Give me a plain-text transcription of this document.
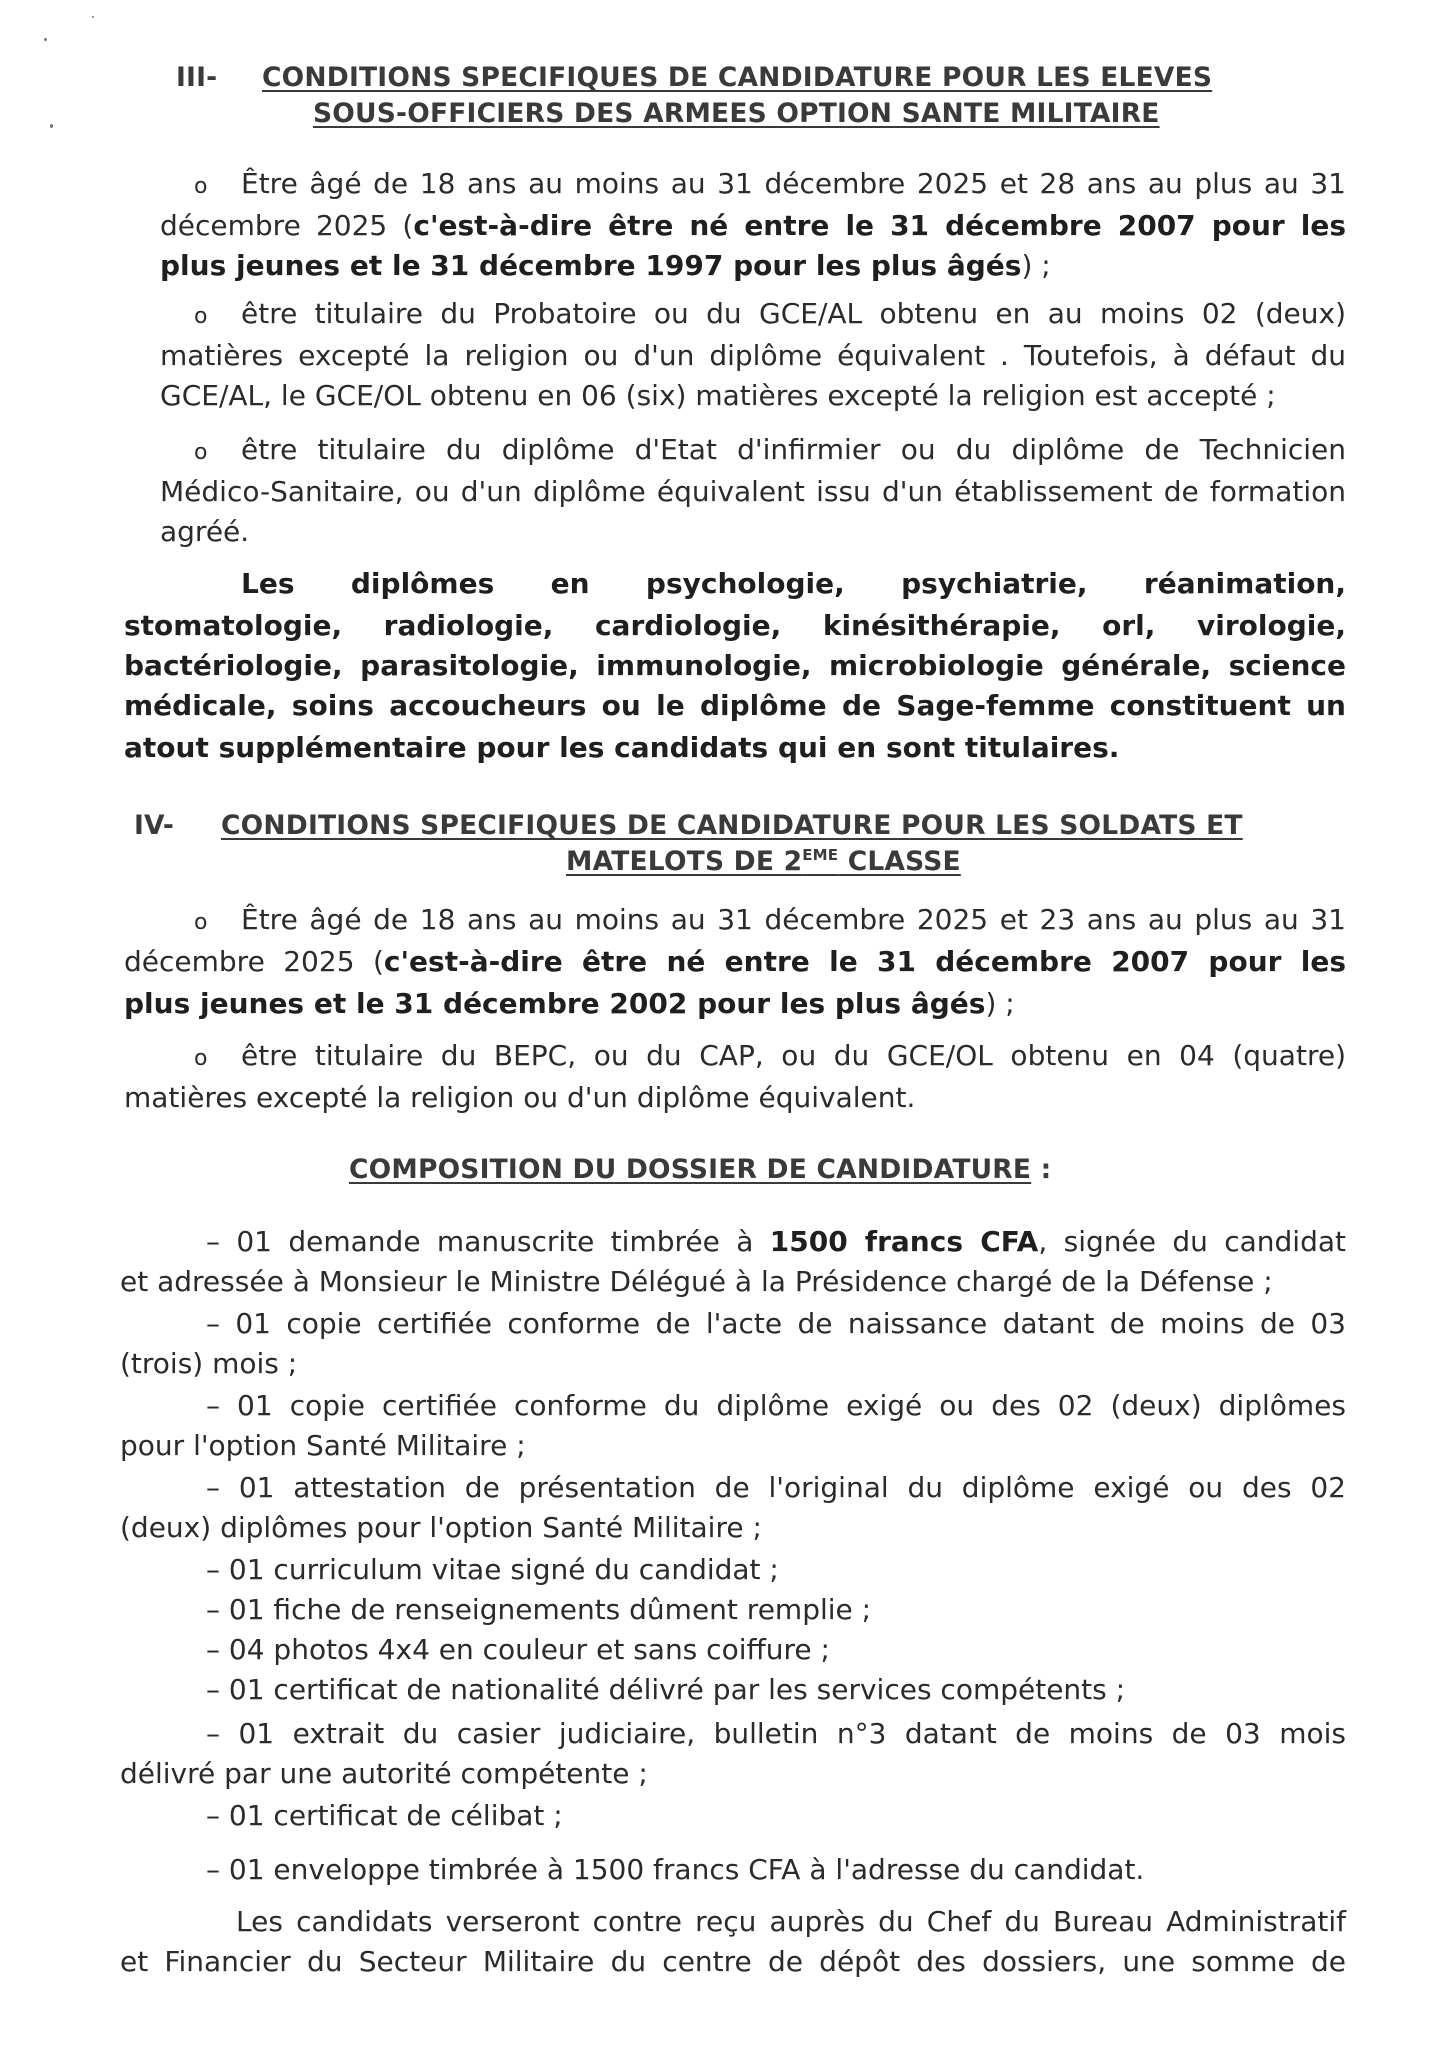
III- CONDITIONS SPECIFIQUES DE CANDIDATURE POUR LES ELEVES
SOUS-OFFICIERS DES ARMEES OPTION SANTE MILITAIRE
o Être âgé de 18 ans au moins au 31 décembre 2025 et 28 ans au plus au 31
décembre 2025 (c'est-à-dire être né entre le 31 décembre 2007 pour les
plus jeunes et le 31 décembre 1997 pour les plus âgés) ;
o être titulaire du Probatoire ou du GCE/AL obtenu en au moins 02 (deux)
matières excepté la religion ou d'un diplôme équivalent . Toutefois, à défaut du
GCE/AL, le GCE/OL obtenu en 06 (six) matières excepté la religion est accepté ;
o être titulaire du diplôme d'Etat d'infirmier ou du diplôme de Technicien
Médico-Sanitaire, ou d'un diplôme équivalent issu d'un établissement de formation
agréé.
Les diplômes en psychologie, psychiatrie, réanimation,
stomatologie, radiologie, cardiologie, kinésithérapie, orl, virologie,
bactériologie, parasitologie, immunologie, microbiologie générale, science
médicale, soins accoucheurs ou le diplôme de Sage-femme constituent un
atout supplémentaire pour les candidats qui en sont titulaires.
IV- CONDITIONS SPECIFIQUES DE CANDIDATURE POUR LES SOLDATS ET
MATELOTS DE 2EME CLASSE
o Être âgé de 18 ans au moins au 31 décembre 2025 et 23 ans au plus au 31
décembre 2025 (c'est-à-dire être né entre le 31 décembre 2007 pour les
plus jeunes et le 31 décembre 2002 pour les plus âgés) ;
o être titulaire du BEPC, ou du CAP, ou du GCE/OL obtenu en 04 (quatre)
matières excepté la religion ou d'un diplôme équivalent.
COMPOSITION DU DOSSIER DE CANDIDATURE :
– 01 demande manuscrite timbrée à 1500 francs CFA, signée du candidat
et adressée à Monsieur le Ministre Délégué à la Présidence chargé de la Défense ;
– 01 copie certifiée conforme de l'acte de naissance datant de moins de 03
(trois) mois ;
– 01 copie certifiée conforme du diplôme exigé ou des 02 (deux) diplômes
pour l'option Santé Militaire ;
– 01 attestation de présentation de l'original du diplôme exigé ou des 02
(deux) diplômes pour l'option Santé Militaire ;
– 01 curriculum vitae signé du candidat ;
– 01 fiche de renseignements dûment remplie ;
– 04 photos 4x4 en couleur et sans coiffure ;
– 01 certificat de nationalité délivré par les services compétents ;
– 01 extrait du casier judiciaire, bulletin n°3 datant de moins de 03 mois
délivré par une autorité compétente ;
– 01 certificat de célibat ;
– 01 enveloppe timbrée à 1500 francs CFA à l'adresse du candidat.
Les candidats verseront contre reçu auprès du Chef du Bureau Administratif
et Financier du Secteur Militaire du centre de dépôt des dossiers, une somme de
